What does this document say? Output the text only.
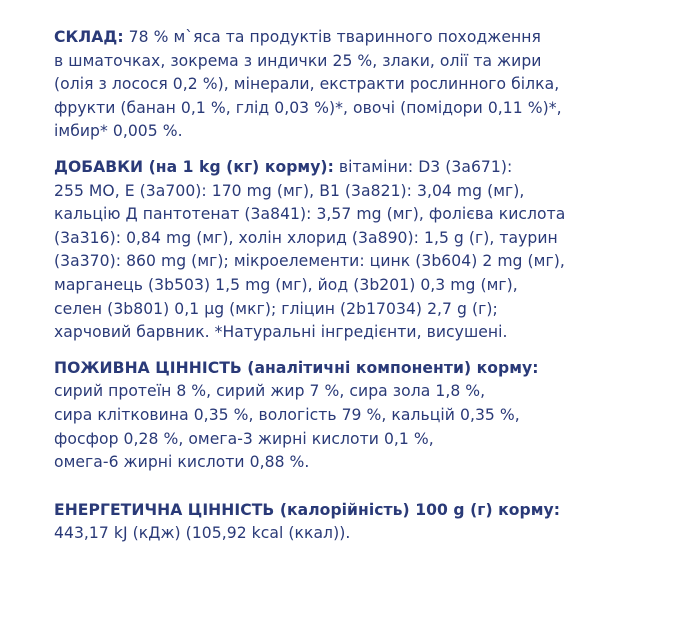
СКЛАД: 78 % м`яса та продуктів тваринного походження
в шматочках, зокрема з индички 25 %, злаки, олії та жири
(олія з лосося 0,2 %), мінерали, екстракти рослинного білка,
фрукти (банан 0,1 %, глід 0,03 %)*, овочі (помідори 0,11 %)*,
імбир* 0,005 %.

ДОБАВКИ (на 1 kg (кг) корму): вітаміни: D3 (3a671):
255 MO, E (3a700): 170 mg (мг), B1 (3a821): 3,04 mg (мг),
кальцію Д пантотенат (3a841): 3,57 mg (мг), фолієва кислота
(3a316): 0,84 mg (мг), холін хлорид (3a890): 1,5 g (г), таурин
(3a370): 860 mg (мг); мікроелементи: цинк (3b604) 2 mg (мг),
марганець (3b503) 1,5 mg (мг), йод (3b201) 0,3 mg (мг),
селен (3b801) 0,1 µg (мкг); гліцин (2b17034) 2,7 g (г);
харчовий барвник. *Натуральні інгредієнти, висушені.

ПОЖИВНА ЦІННІСТЬ (аналітичні компоненти) корму:
сирий протеїн 8 %, сирий жир 7 %, сира зола 1,8 %,
сира клітковина 0,35 %, вологість 79 %, кальцій 0,35 %,
фосфор 0,28 %, омега-3 жирні кислоти 0,1 %,
омега-6 жирні кислоти 0,88 %.

ЕНЕРГЕТИЧНА ЦІННІСТЬ (калорійність) 100 g (г) корму:
443,17 kJ (кДж) (105,92 kcal (ккал)).
